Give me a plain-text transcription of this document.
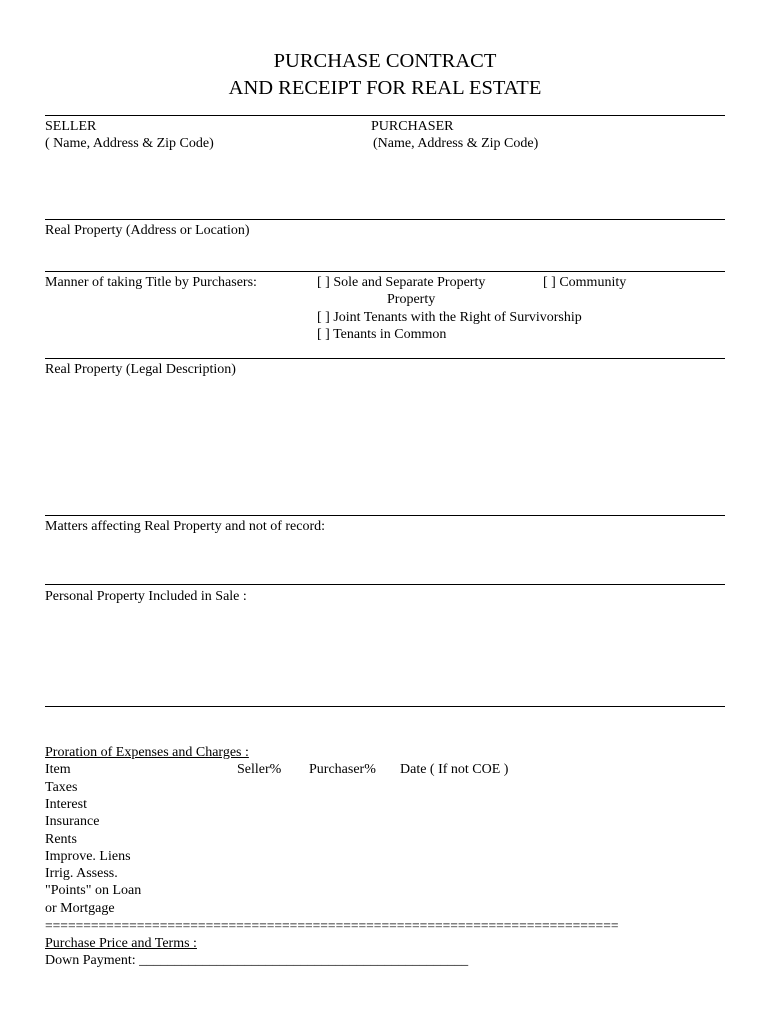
PURCHASE CONTRACT
AND RECEIPT FOR REAL ESTATE
SELLER
( Name, Address & Zip Code)
PURCHASER
(Name, Address & Zip Code)
Real Property (Address or Location)
Manner of taking Title by Purchasers:	[ ] Sole and Separate Property	[ ] Community
Property
[ ] Joint Tenants with the Right of Survivorship
[ ] Tenants in Common
Real Property (Legal Description)
Matters affecting Real Property and not of record:
Personal Property Included in Sale :
Proration of Expenses and Charges :
Item	Seller% Purchaser% Date ( If not COE )
Taxes
Interest
Insurance
Rents
Improve. Liens
Irrig. Assess.
"Points" on Loan
or Mortgage
===========================================================================
Purchase Price and Terms :
Down Payment: _______________________________________________
